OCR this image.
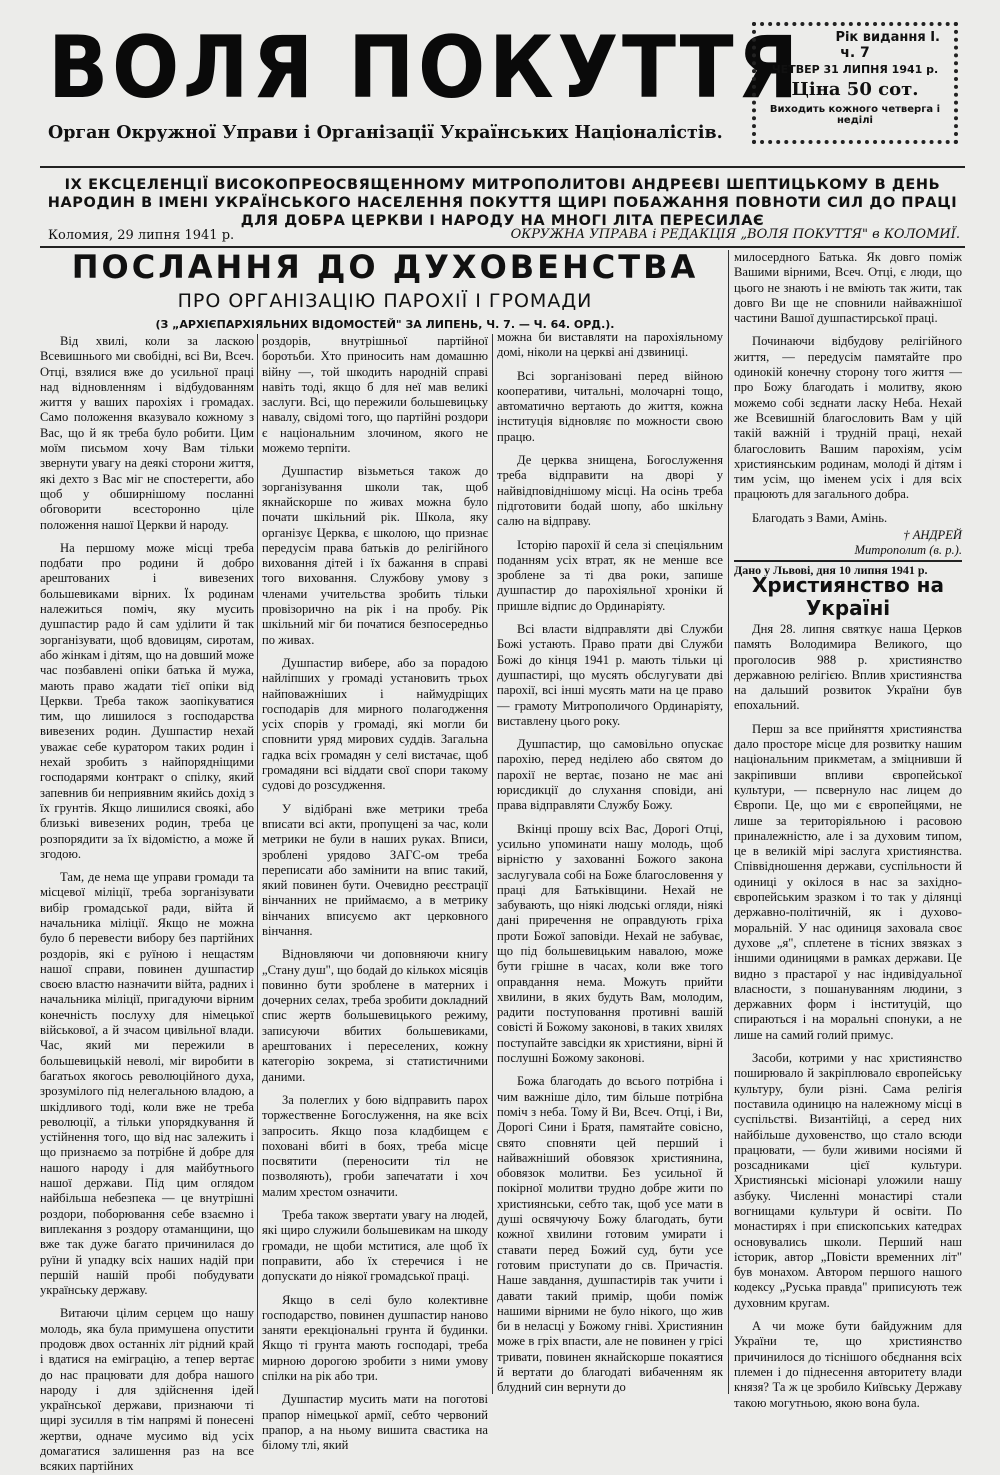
ВОЛЯ ПОКУТТЯ
Орган Окружної Управи і Організації Українських Націоналістів.
Рік видання І.
ч. 7
ЧЕТВЕР 31 ЛИПНЯ 1941 р.
Ціна 50 сот.
Виходить кожного четверга і неділі
ІХ ЕКСЦЕЛЕНЦІЇ ВИСОКОПРЕОСВЯЩЕННОМУ МИТРОПОЛИТОВІ АНДРЕЄВІ ШЕПТИЦЬКОМУ В ДЕНЬ НАРОДИН В ІМЕНІ УКРАЇНСЬКОГО НАСЕЛЕННЯ ПОКУТТЯ ЩИРІ ПОБАЖАННЯ ПОВНОТИ СИЛ ДО ПРАЦІ ДЛЯ ДОБРА ЦЕРКВИ І НАРОДУ НА МНОГІ ЛІТА ПЕРЕСИЛАЄ
Коломия, 29 липня 1941 р.	ОКРУЖНА УПРАВА і РЕДАКЦІЯ „ВОЛЯ ПОКУТТЯ" в КОЛОМИЇ.
ПОСЛАННЯ ДО ДУХОВЕНСТВА
ПРО ОРГАНІЗАЦІЮ ПАРОХІЇ І ГРОМАДИ
(З „АРХІЄПАРХІЯЛЬНИХ ВІДОМОСТЕЙ" ЗА ЛИПЕНЬ, Ч. 7. — Ч. 64. ОРД.).

Від хвилі, коли за ласкою Всевишнього ми свобідні, всі Ви, Всеч. Отці, взялися вже до усильної праці над відновленням і відбудованням життя у ваших парохіях і громадах. Само положення вказувало кожному з Вас, що й як треба було робити. Цим моїм письмом хочу Вам тільки звернути увагу на деякі сторони життя, які дехто з Вас міг не спостерегти, або щоб у обширнішому посланні обговорити всесторонно ціле положення нашої Церкви й народу.

На першому може місці треба подбати про родини й добро арештованих і вивезених большевиками вірних. Їх родинам належиться поміч, яку мусить душпастир радо й сам уділити й так зорганізувати, щоб вдовицям, сиротам, або жінкам і дітям, що на довший може час позбавлені опіки батька й мужа, мають право жадати тієї опіки від Церкви. Треба також заопікуватися тим, що лишилося з господарства вивезених родин. Душпастир нехай уважає себе куратором таких родин і нехай зробить з найпорядніщими господарями контракт о спілку, який запевнив би неприявним якийсь дохід з їх грунтів. Якщо лишилися своякі, або близькі вивезених родин, треба це розпорядити за їх відомістю, а може й згодою.

Там, де нема ще управи громади та місцевої міліції, треба зорганізувати вибір громадської ради, війта й начальника міліції. Якщо не можна було б перевести вибору без партійних роздорів, які є руїною і нещастям нашої справи, повинен душпастир своєю властю назначити війта, радних і начальника міліції, пригадуючи вірним конечність послуху для німецької військової, а й зчасом цивільної влади. Час, який ми пережили в большевицькій неволі, міг виробити в багатьох якогось революційного духа, зрозумілого під нелегальною владою, а шкідливого тоді, коли вже не треба революції, а тільки упорядкування й устійнення того, що від нас залежить і що признаємо за потрібне й добре для нашого народу і для майбутнього нашої держави. Під цим оглядом найбільша небезпека — це внутрішні роздори, поборювання себе взаємно і виплекання з роздору отаманщини, що вже так дуже багато причинилася до руїни й упадку всіх наших надій при першій нашій пробі побудувати українську державу.

Витаючи цілим серцем що нашу молодь, яка була примушена опустити продовж двох останніх літ рідний край і вдатися на еміграцію, а тепер вертає до нас працювати для добра нашого народу і для здійснення ідей української держави, признаючи ті щирі зусилля в тім напрямі й понесені жертви, одначе мусимо від усіх домагатися залишення раз на все всяких партійних

роздорів, внутрішньої партійної боротьби. Хто приносить нам домашню війну —, той шкодить народній справі навіть тоді, якщо б для неї мав великі заслуги. Всі, що пережили большевицьку навалу, свідомі того, що партійні роздори є національним злочином, якого не можемо терпіти.

Душпастир візьметься також до зорганізування школи так, щоб якнайскорше по живах можна було почати шкільний рік. Школа, яку організує Церква, є школою, що признає передусім права батьків до релігійного виховання дітей і їх бажання в справі того виховання. Службову умову з членами учительства зробить тільки провізорично на рік і на пробу. Рік шкільний міг би початися безпосередньо по живах.

Душпастир вибере, або за порадою найліпших у громаді установить трьох найповажніших і наймудріщих господарів для мирного полагодження усіх спорів у громаді, які могли би сповнити уряд мирових суддів. Загальна гадка всіх громадян у селі вистачає, щоб громадяни всі віддати свої спори такому судові до розсудження.

У відібрані вже метрики треба вписати всі акти, пропущені за час, коли метрики не були в наших руках. Вписи, зроблені урядово ЗАГС-ом треба переписати або замінити на впис такий, який повинен бути. Очевидно реєстрації вінчанних не приймаємо, а в метрику вінчаних вписуємо акт церковного вінчання.

Відновляючи чи доповняючи книгу „Стану душ", що бодай до кількох місяців повинно бути зроблене в матерних і дочерних селах, треба зробити докладний спис жертв большевицького режиму, записуючи вбитих большевиками, арештованих і переселених, кожну категорію зокрема, зі статистичними даними.

За полеглих у бою відправить парох торжественне Богослуження, на яке всіх запросить. Якщо поза кладбищем є поховані вбиті в боях, треба місце посвятити (переносити тіл не позволяють), гроби запечатати і хоч малим хрестом означити.

Треба також звертати увагу на людей, які щиро служили большевикам на шкоду громади, не щоби мститися, але щоб їх поправити, або їх стеречися і не допускати до ніякої громадської праці.

Якщо в селі було колективне господарство, повинен душпастир наново заняти ерекціональні грунта й будинки. Якщо ті грунта мають господарі, треба мирною дорогою зробити з ними умову спілки на рік або три.

Душпастир мусить мати на поготові прапор німецької армії, себто червоний прапор, а на ньому вишита свастика на білому тлі, який

можна би виставляти на парохіяльному домі, ніколи на церкві ані дзвиниці.

Всі зорганізовані перед війною кооперативи, читальні, молочарні тощо, автоматично вертають до життя, кожна інституція відновляє по можности свою працю.

Де церква знищена, Богослуження треба відправити на дворі у найвідповіднішому місці. На осінь треба підготовити бодай шопу, або шкільну салю на відправу.

Історію парохії й села зі спеціяльним поданням усіх втрат, як не менше все зроблене за ті два роки, запише душпастир до парохіяльної хроніки й пришле відпис до Ординаріяту.

Всі власти відправляти дві Служби Божі устають. Право прати дві Служби Божі до кінця 1941 р. мають тільки ці душпастирі, що мусять обслугувати дві парохії, всі інші мусять мати на це право — грамоту Митрополичого Ординаріяту, виставлену цього року.

Душпастир, що самовільно опускає парохію, перед неділею або святом до парохії не вертає, позано не має ані юрисдикції до слухання сповіди, ані права відправляти Службу Божу.

Вкінці прошу всіх Вас, Дорогі Отці, усильно упоминати нашу молодь, щоб вірністю у захованні Божого закона заслугувала собі на Боже благословення у праці для Батьківщини. Нехай не забувають, що ніякі людські огляди, ніякі дані приречення не оправдують гріха проти Божої заповіди. Нехай не забуває, що під большевицьким навалою, може бути грішне в часах, коли вже того оправдання нема. Можуть прийти хвилини, в яких будуть Вам, молодим, радити поступовання противні вашій совісті й Божому законові, в таких хвилях поступайте завсідки як християни, вірні й послушні Божому законові.

Божа благодать до всього потрібна і чим важніше діло, тим більше потрібна поміч з неба. Тому й Ви, Всеч. Отці, і Ви, Дорогі Сини і Братя, памятайте совісно, свято сповняти цей перший і найважніший обовязок християнина, обовязок молитви. Без усильної й покірної молитви трудно добре жити по християнськи, себто так, щоб усе мати в душі освячуючу Божу благодать, бути кожної хвилини готовим умирати і ставати перед Божий суд, бути усе готовим приступати до св. Причастія. Наше завдання, душпастирів так учити і давати такий примір, щоби поміж нашими вірними не було нікого, що жив би в неласці у Божому гніві. Християнин може в гріх впасти, але не повинен у грісі тривати, повинен якнайскорше покаятися й вертати до благодаті вибаченням як блудний син вернути до

милосердного Батька. Як довго поміж Вашими вірними, Всеч. Отці, є люди, що цього не знають і не вміють так жити, так довго Ви ще не сповнили найважнішої частини Вашої душпастирської праці.

Починаючи відбудову релігійного життя, — передусім памятайте про одинокій конечну сторону того життя — про Божу благодать і молитву, якою можемо собі зєднати ласку Неба. Нехай же Всевишній благословить Вам у цій такій важній і трудній праці, нехай благословить Вашим парохіям, усім християнським родинам, молоді й дітям і тим усім, що іменем усіх і для всіх працюють для загального добра.

Благодать з Вами, Амінь.

† АНДРЕЙ
Митрополит (в. р.).
Дано у Львові, дня 10 липня 1941 р.
Християнство на Україні

Дня 28. липня святкує наша Церков память Володимира Великого, що проголосив 988 р. християнство державною релігією. Вплив християнства на дальший розвиток України був епохальний.

Перш за все прийняття християнства дало просторе місце для розвитку нашим національним прикметам, а зміцнивши й закріпивши впливи європейської культури, — псвернуло нас лицем до Європи. Це, що ми є європейцями, не лише за територіяльною і расовою приналежністю, але і за духовим типом, це в великій мірі заслуга християнства. Співвідношення держави, суспільности й одиниці у окілося в нас за західно-європейським зразком і то так у ділянці державно-політичній, як і духово-моральній. У нас одиниця заховала своє духове „я", сплетене в тісних звязках з іншими одиницями в рамках держави. Це видно з прастарої у нас індивідуальної власности, з пошануванням людини, з державних форм і інституцій, що спираються і на моральні спонуки, а не лише на самий голий примус.

Засоби, котрими у нас християнство поширювало й закріплювало європейську культуру, були різні. Сама релігія поставила одиницю на належному місці в суспільстві. Византійці, а серед них найбільше духовенство, що стало всюди працювати, — були живими носіями й розсадниками цієї культури. Християнські місіонарі уложили нашу азбуку. Численні монастирі стали вогнищами культури й освіти. По монастирях і при єпископських катедрах основувались школи. Перший наш історик, автор „Повісти временних літ" був монахом. Автором першого нашого кодексу „Руська правда" приписують теж духовним кругам.

А чи може бути байдужним для України те, що християнство причинилося до тіснішого обєднання всіх племен і до піднесення авторитету влади князя? Та ж це зробило Київську Державу такою могутньою, якою вона була.
